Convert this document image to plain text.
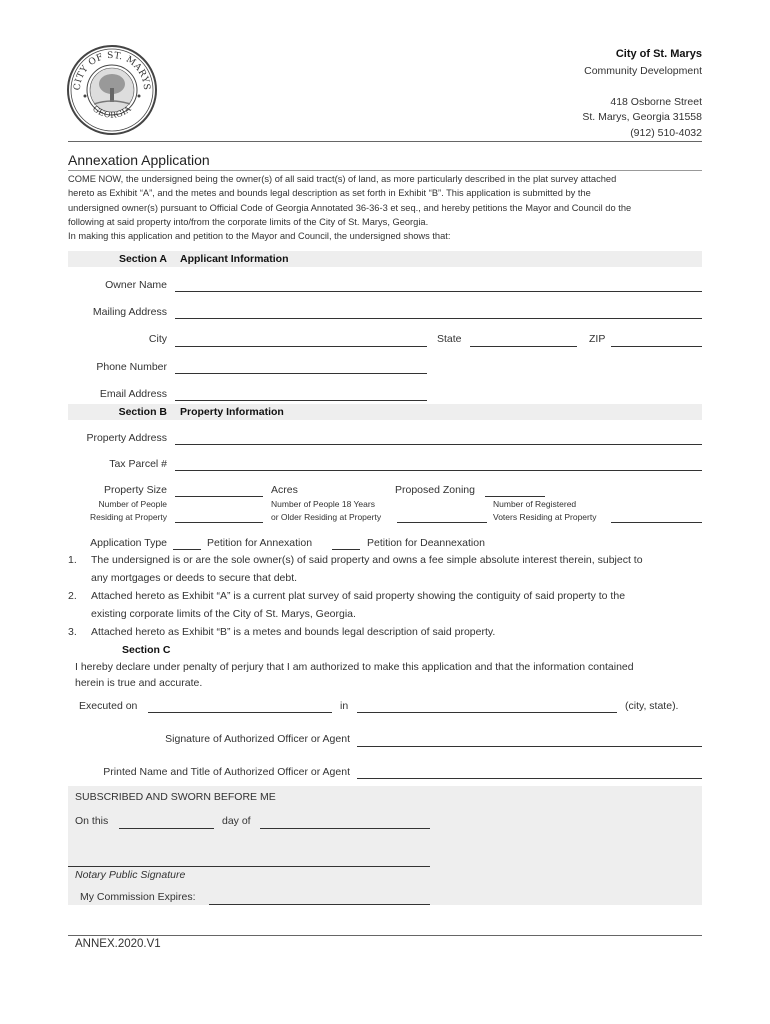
CITY OF ST. MARYS
GEORGIA
City of St. Marys
Community Development
418 Osborne Street
St. Marys, Georgia 31558
(912) 510-4032
Annexation Application
COME NOW, the undersigned being the owner(s) of all said tract(s) of land, as more particularly described in the plat survey attached
hereto as Exhibit “A”, and the metes and bounds legal description as set forth in Exhibit “B”. This application is submitted by the
undersigned owner(s) pursuant to Official Code of Georgia Annotated 36-36-3 et seq., and hereby petitions the Mayor and Council do the
following at said property into/from the corporate limits of the City of St. Marys, Georgia.
In making this application and petition to the Mayor and Council, the undersigned shows that:
Section A Applicant Information
Owner Name
Mailing Address
City	State	ZIP
Phone Number
Email Address
Section B Property Information
Property Address
Tax Parcel #
Property Size	Acres	Proposed Zoning
Number of People
Residing at Property
Number of People 18 Years
or Older Residing at Property
Number of Registered
Voters Residing at Property
Application Type	Petition for Annexation	Petition for Deannexation
1. The undersigned is or are the sole owner(s) of said property and owns a fee simple absolute interest therein, subject to
any mortgages or deeds to secure that debt.
2. Attached hereto as Exhibit “A” is a current plat survey of said property showing the contiguity of said property to the
existing corporate limits of the City of St. Marys, Georgia.
3. Attached hereto as Exhibit “B” is a metes and bounds legal description of said property.
Section C
I hereby declare under penalty of perjury that I am authorized to make this application and that the information contained
herein is true and accurate.
Executed on	in	(city, state).
Signature of Authorized Officer or Agent
Printed Name and Title of Authorized Officer or Agent
SUBSCRIBED AND SWORN BEFORE ME
On this	day of
Notary Public Signature
My Commission Expires:
ANNEX.2020.V1
